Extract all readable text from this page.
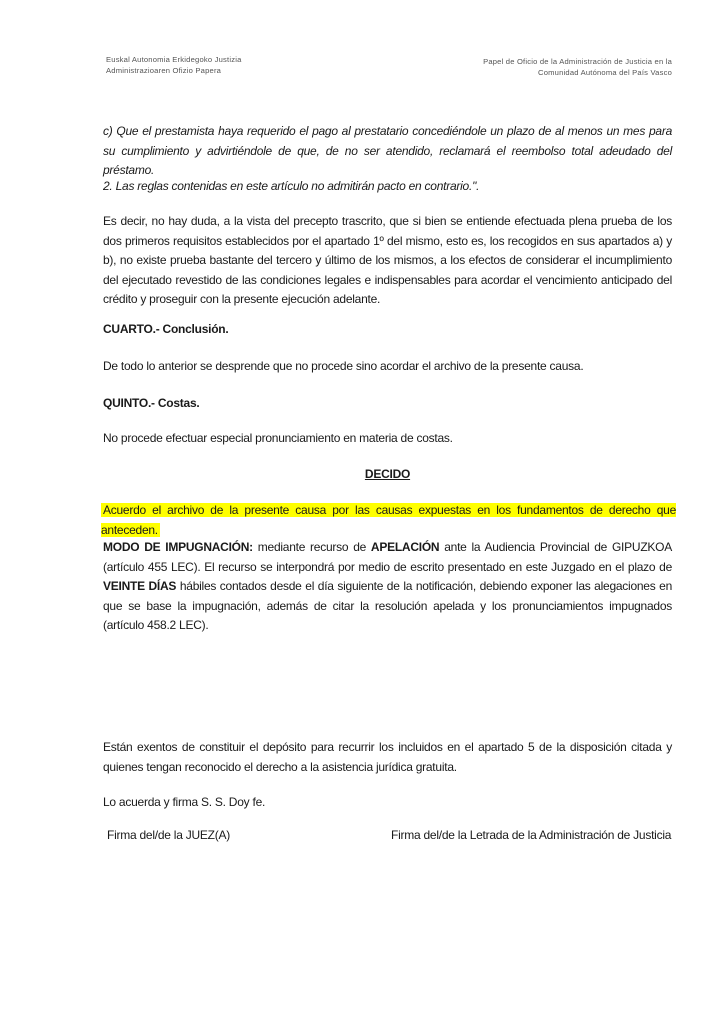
Euskal Autonomia Erkidegoko Justizia
Administrazioaren Ofizio Papera
Papel de Oficio de la Administración de Justicia en la
Comunidad Autónoma del País Vasco
c) Que el prestamista haya requerido el pago al prestatario concediéndole un plazo de al menos un mes para su cumplimiento y advirtiéndole de que, de no ser atendido, reclamará el reembolso total adeudado del préstamo.
2. Las reglas contenidas en este artículo no admitirán pacto en contrario.".
Es decir, no hay duda, a la vista del precepto trascrito, que si bien se entiende efectuada plena prueba de los dos primeros requisitos establecidos por el apartado 1º del mismo, esto es, los recogidos en sus apartados a) y b), no existe prueba bastante del tercero y último de los mismos, a los efectos de considerar el incumplimiento del ejecutado revestido de las condiciones legales e indispensables para acordar el vencimiento anticipado del crédito y proseguir con la presente ejecución adelante.
CUARTO.- Conclusión.
De todo lo anterior se desprende que no procede sino acordar el archivo de la presente causa.
QUINTO.- Costas.
No procede efectuar especial pronunciamiento en materia de costas.
DECIDO
Acuerdo el archivo de la presente causa por las causas expuestas en los fundamentos de derecho que anteceden.
MODO DE IMPUGNACIÓN: mediante recurso de APELACIÓN ante la Audiencia Provincial de GIPUZKOA (artículo 455 LEC). El recurso se interpondrá por medio de escrito presentado en este Juzgado en el plazo de VEINTE DÍAS hábiles contados desde el día siguiente de la notificación, debiendo exponer las alegaciones en que se base la impugnación, además de citar la resolución apelada y los pronunciamientos impugnados (artículo 458.2 LEC).
Están exentos de constituir el depósito para recurrir los incluidos en el apartado 5 de la disposición citada y quienes tengan reconocido el derecho a la asistencia jurídica gratuita.
Lo acuerda y firma S. S. Doy fe.
Firma del/de la JUEZ(A)	Firma del/de la Letrada de la Administración de Justicia
